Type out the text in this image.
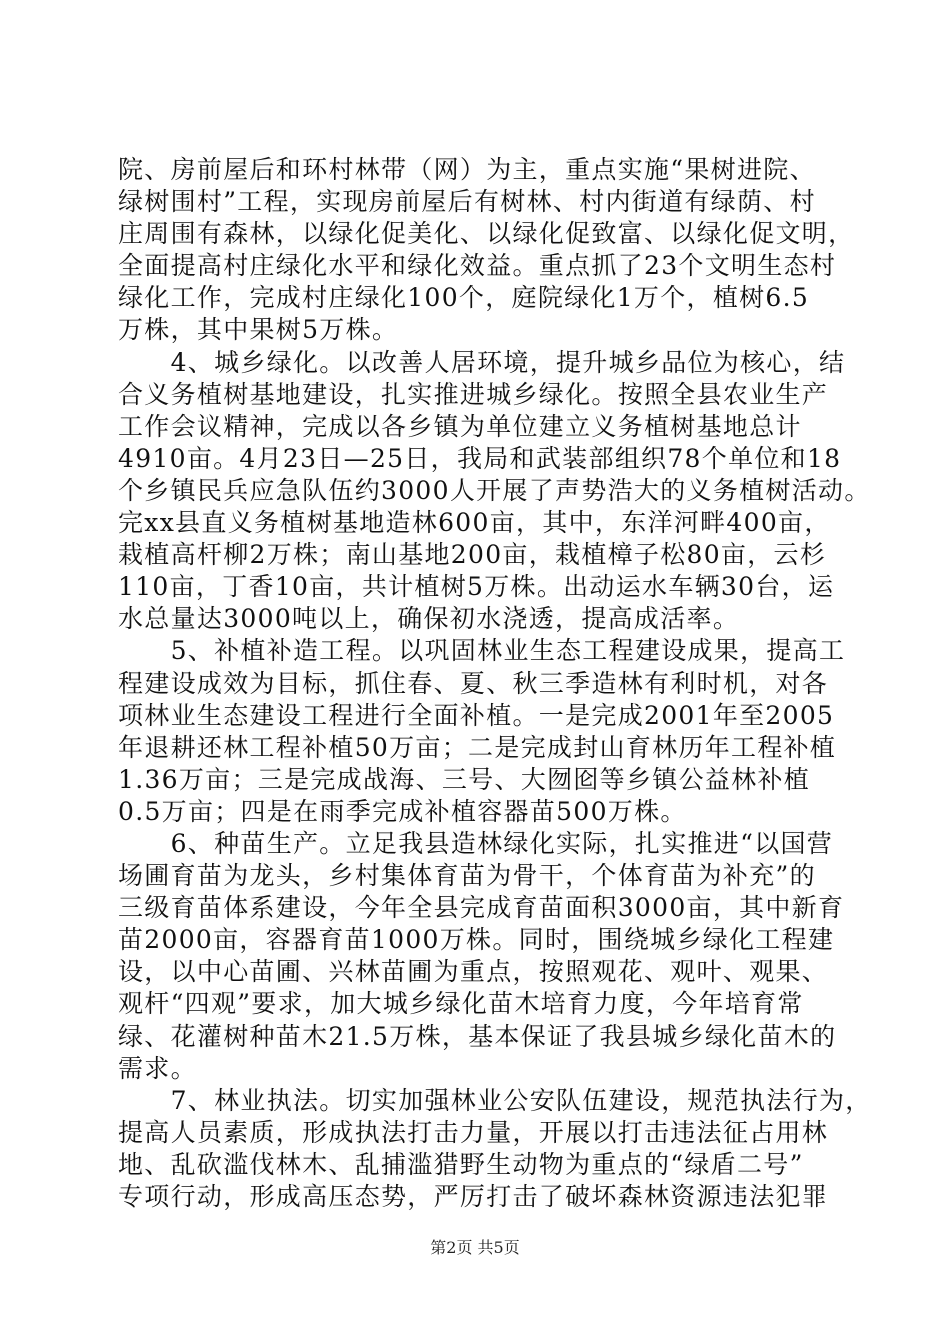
院、房前屋后和环村林带（网）为主，重点实施“果树进院、
绿树围村”工程，实现房前屋后有树林、村内街道有绿荫、村
庄周围有森林，以绿化促美化、以绿化促致富、以绿化促文明，
全面提高村庄绿化水平和绿化效益。重点抓了23个文明生态村
绿化工作，完成村庄绿化100个，庭院绿化1万个，植树6.5
万株，其中果树5万株。
　　4、城乡绿化。以改善人居环境，提升城乡品位为核心，结
合义务植树基地建设，扎实推进城乡绿化。按照全县农业生产
工作会议精神，完成以各乡镇为单位建立义务植树基地总计
4910亩。4月23日—25日，我局和武装部组织78个单位和18
个乡镇民兵应急队伍约3000人开展了声势浩大的义务植树活动。
完xx县直义务植树基地造林600亩，其中，东洋河畔400亩，
栽植高杆柳2万株；南山基地200亩，栽植樟子松80亩，云杉
110亩，丁香10亩，共计植树5万株。出动运水车辆30台，运
水总量达3000吨以上，确保初水浇透，提高成活率。
　　5、补植补造工程。以巩固林业生态工程建设成果，提高工
程建设成效为目标，抓住春、夏、秋三季造林有利时机，对各
项林业生态建设工程进行全面补植。一是完成2001年至2005
年退耕还林工程补植50万亩；二是完成封山育林历年工程补植
1.36万亩；三是完成战海、三号、大囫囵等乡镇公益林补植
0.5万亩；四是在雨季完成补植容器苗500万株。
　　6、种苗生产。立足我县造林绿化实际，扎实推进“以国营
场圃育苗为龙头，乡村集体育苗为骨干，个体育苗为补充”的
三级育苗体系建设，今年全县完成育苗面积3000亩，其中新育
苗2000亩，容器育苗1000万株。同时，围绕城乡绿化工程建
设，以中心苗圃、兴林苗圃为重点，按照观花、观叶、观果、
观杆“四观”要求，加大城乡绿化苗木培育力度，今年培育常
绿、花灌树种苗木21.5万株，基本保证了我县城乡绿化苗木的
需求。
　　7、林业执法。切实加强林业公安队伍建设，规范执法行为，
提高人员素质，形成执法打击力量，开展以打击违法征占用林
地、乱砍滥伐林木、乱捕滥猎野生动物为重点的“绿盾二号”
专项行动，形成高压态势，严厉打击了破坏森林资源违法犯罪
第2页 共5页
